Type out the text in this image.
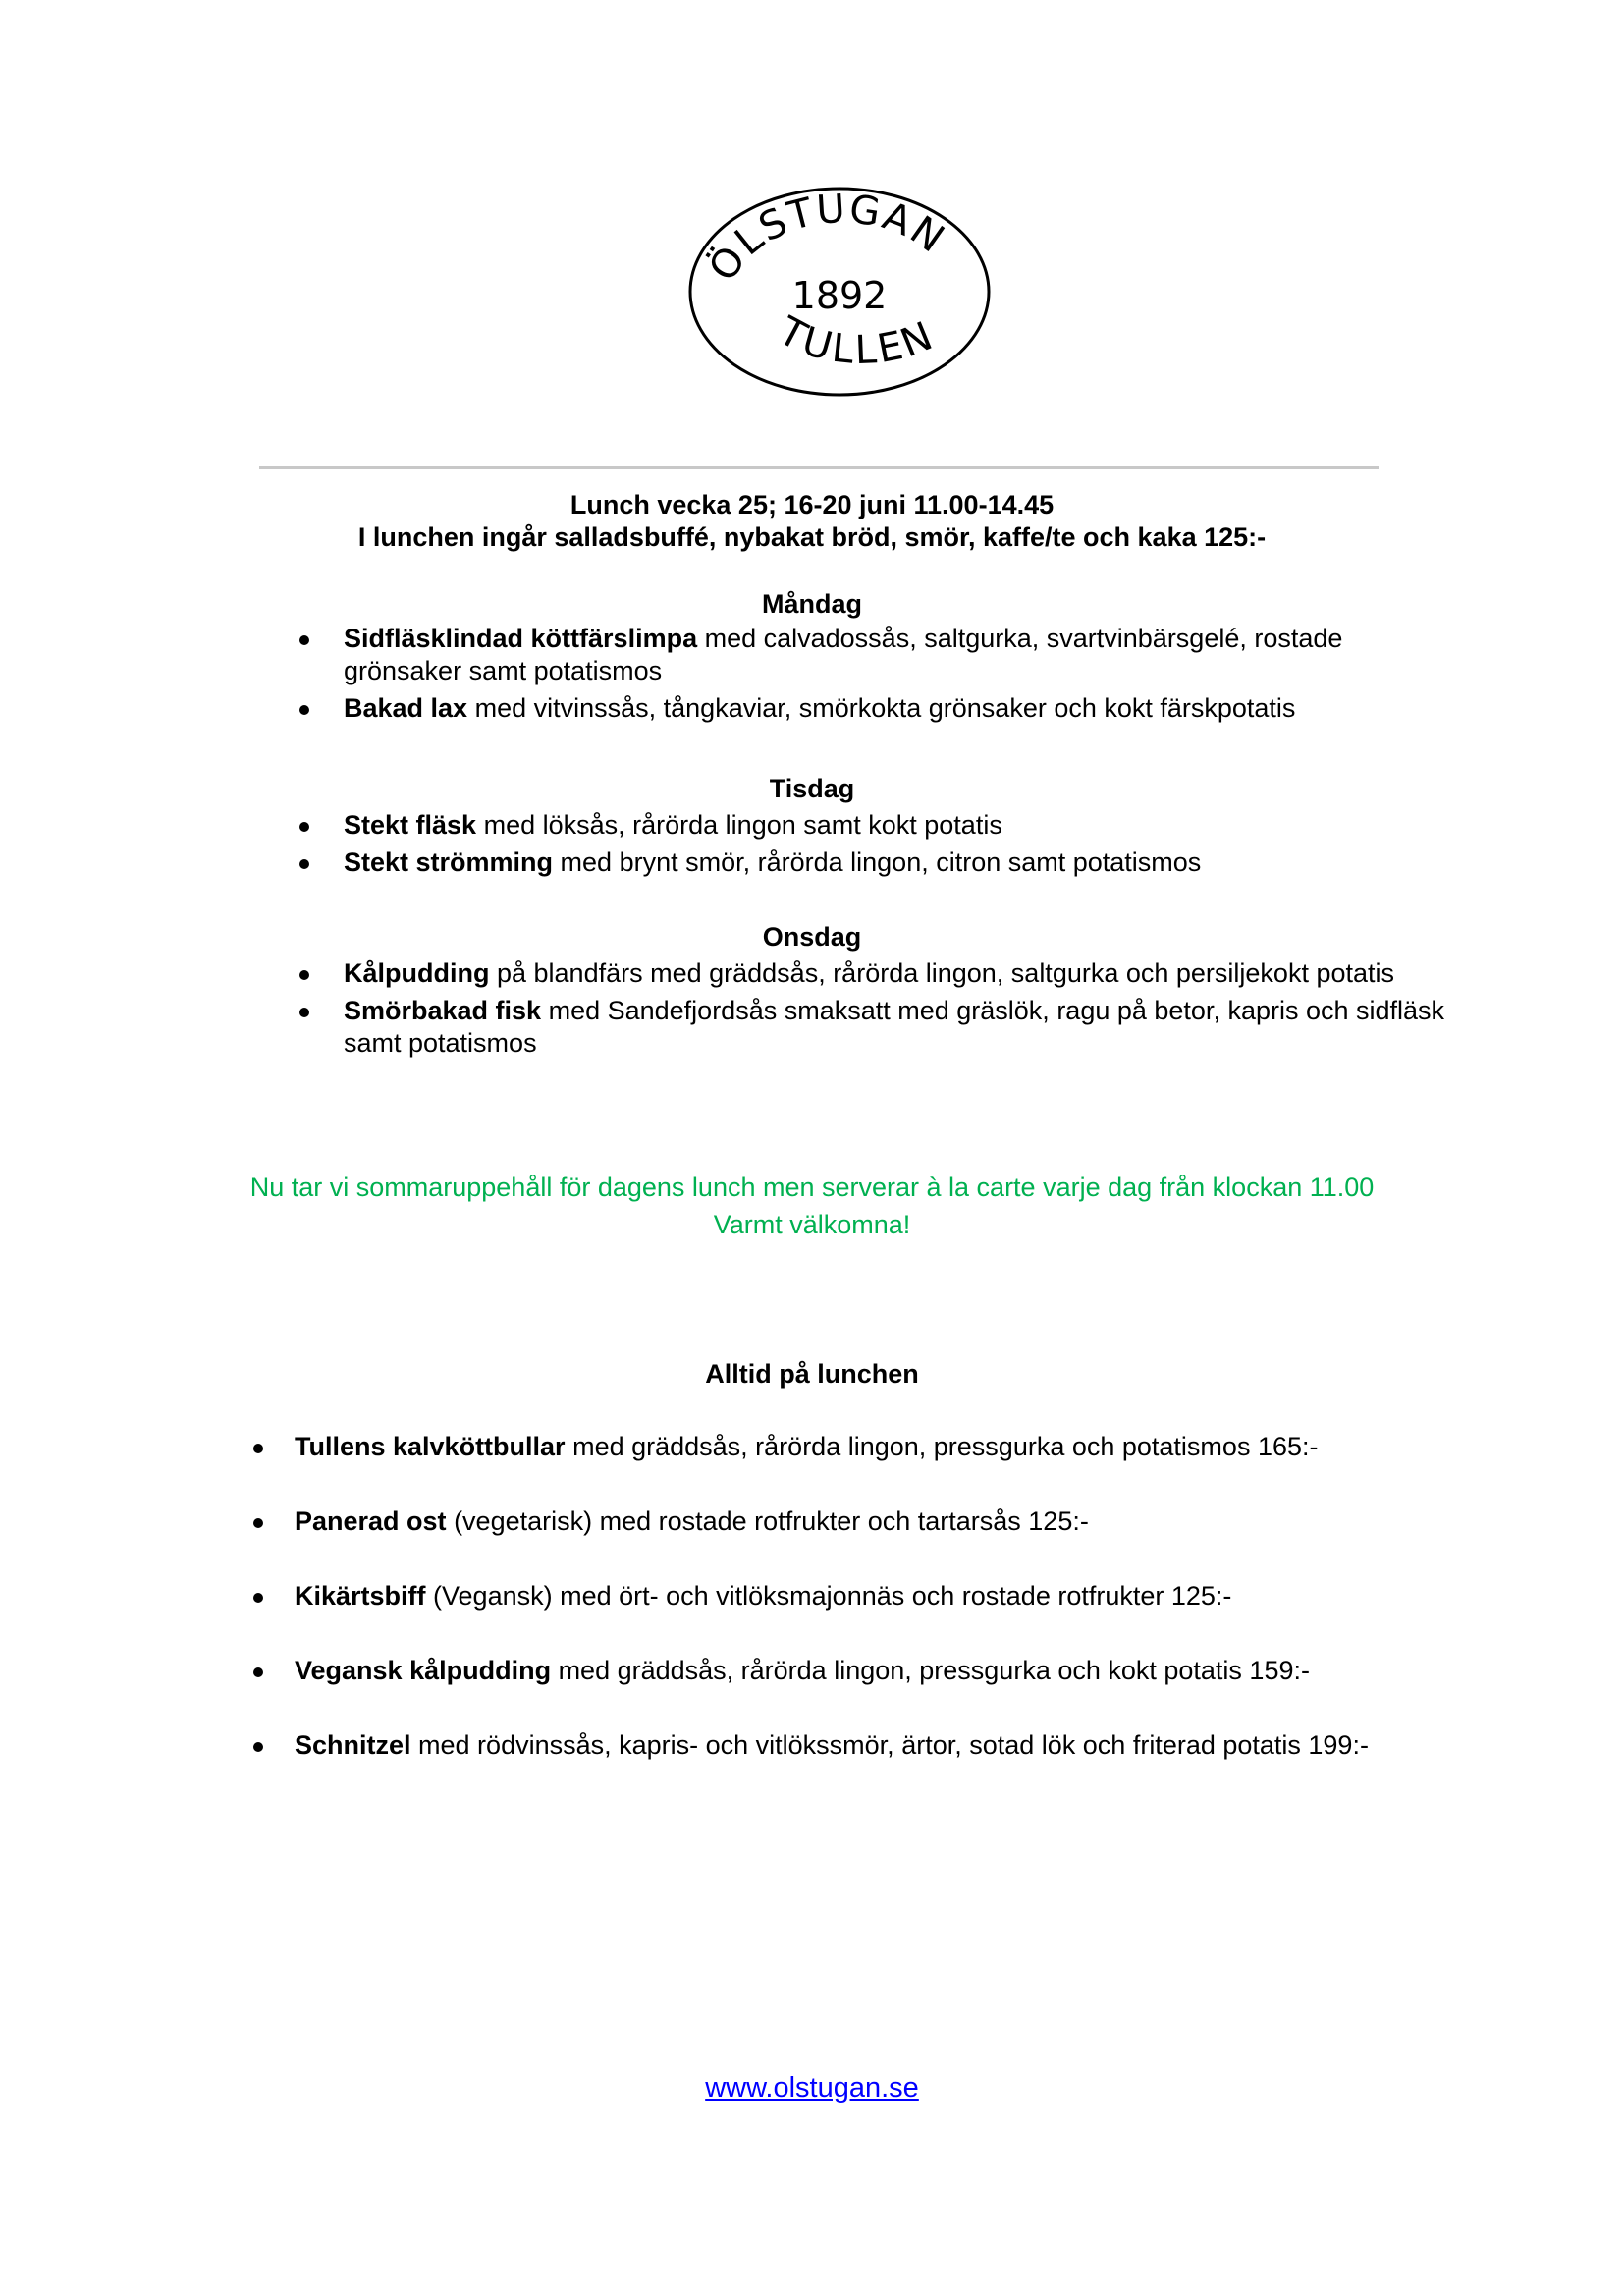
ÖLSTUGAN
1892
TULLEN
Lunch vecka 25; 16-20 juni 11.00-14.45
I lunchen ingår salladsbuffé, nybakat bröd, smör, kaffe/te och kaka 125:-
Måndag
Sidfläsklindad köttfärslimpa med calvadossås, saltgurka, svartvinbärsgelé, rostade grönsaker samt potatismos
Bakad lax med vitvinssås, tångkaviar, smörkokta grönsaker och kokt färskpotatis
Tisdag
Stekt fläsk med löksås, rårörda lingon samt kokt potatis
Stekt strömming med brynt smör, rårörda lingon, citron samt potatismos
Onsdag
Kålpudding på blandfärs med gräddsås, rårörda lingon, saltgurka och persiljekokt potatis
Smörbakad fisk med Sandefjordsås smaksatt med gräslök, ragu på betor, kapris och sidfläsk samt potatismos
Nu tar vi sommaruppehåll för dagens lunch men serverar à la carte varje dag från klockan 11.00
Varmt välkomna!
Alltid på lunchen
Tullens kalvköttbullar med gräddsås, rårörda lingon, pressgurka och potatismos 165:-
Panerad ost (vegetarisk) med rostade rotfrukter och tartarsås 125:-
Kikärtsbiff (Vegansk) med ört- och vitlöksmajonnäs och rostade rotfrukter 125:-
Vegansk kålpudding med gräddsås, rårörda lingon, pressgurka och kokt potatis 159:-
Schnitzel med rödvinssås, kapris- och vitlökssmör, ärtor, sotad lök och friterad potatis 199:-
www.olstugan.se
